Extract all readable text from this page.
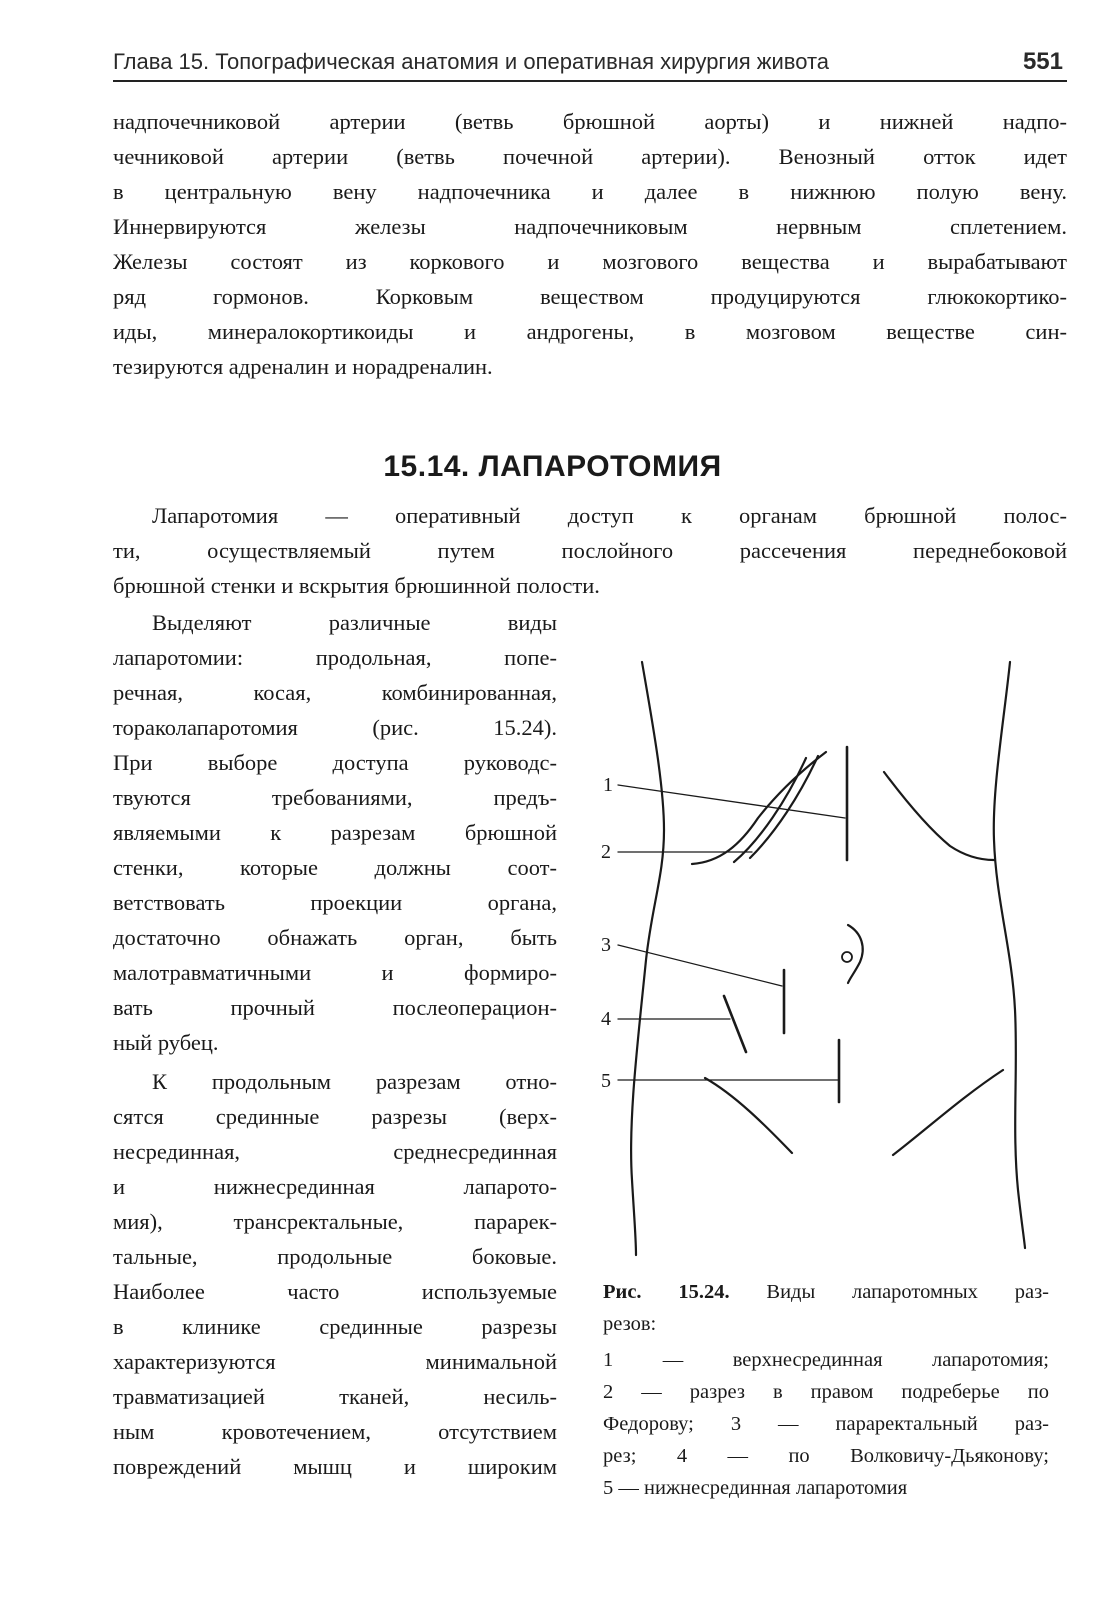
Глава 15. Топографическая анатомия и оперативная хирургия живота	551
надпочечниковой артерии (ветвь брюшной аорты) и нижней надпо-
чечниковой артерии (ветвь почечной артерии). Венозный отток идет
в центральную вену надпочечника и далее в нижнюю полую вену.
Иннервируются железы надпочечниковым нервным сплетением.
Железы состоят из коркового и мозгового вещества и вырабатывают
ряд гормонов. Корковым веществом продуцируются глюкокортико-
иды, минералокортикоиды и андрогены, в мозговом веществе син-
тезируются адреналин и норадреналин.
15.14. ЛАПАРОТОМИЯ
Лапаротомия — оперативный доступ к органам брюшной полос-
ти, осуществляемый путем послойного рассечения переднебоковой
брюшной стенки и вскрытия брюшинной полости.
Выделяют различные виды
лапаротомии: продольная, попе-
речная, косая, комбинированная,
тораколапаротомия (рис. 15.24).
При выборе доступа руководс-
твуются требованиями, предъ-
являемыми к разрезам брюшной
стенки, которые должны соот-
ветствовать проекции органа,
достаточно обнажать орган, быть
малотравматичными и формиро-
вать прочный послеоперацион-
ный рубец.
К продольным разрезам отно-
сятся срединные разрезы (верх-
несрединная, среднесрединная
и нижнесрединная лапарото-
мия), трансректальные, парарек-
тальные, продольные боковые.
Наиболее часто используемые
в клинике срединные разрезы
характеризуются минимальной
травматизацией тканей, несиль-
ным кровотечением, отсутствием
повреждений мышц и широким
1
2
3
4
5
Рис. 15.24. Виды лапаротомных раз-
резов:
1 — верхнесрединная лапаротомия;
2 — разрез в правом подреберье по
Федорову; 3 — параректальный раз-
рез; 4 — по Волковичу-Дьяконову;
5 — нижнесрединная лапаротомия
